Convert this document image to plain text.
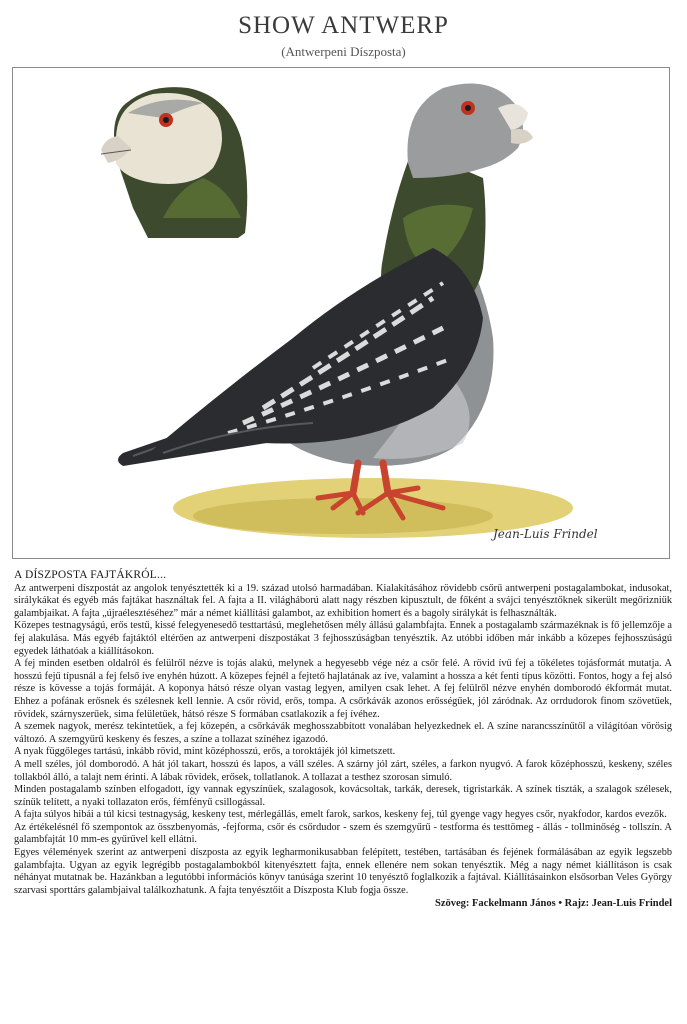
SHOW ANTWERP
(Antwerpeni Díszposta)
Jean-Luis Frindel
A DÍSZPOSTA FAJTÁKRÓL...

Az antwerpeni díszpostát az angolok tenyésztették ki a 19. század utolsó harmadában. Kialakításához rövidebb csőrű antwerpeni postagalambokat, indusokat, sirálykákat és egyéb más fajtákat használtak fel. A fajta a II. világháború alatt nagy részben kipusztult, de főként a svájci tenyésztőknek sikerült megőrizniük galambjaikat. A fajta „újraélesztéséhez” már a német kiállítási galambot, az exhibition homert és a bagoly sirálykát is felhasználták.

Közepes testnagyságú, erős testű, kissé felegyenesedő testtartású, meglehetősen mély állású galambfajta. Ennek a postagalamb származéknak is fő jellemzője a fej alakulása. Más egyéb fajtáktól eltérően az antwerpeni díszpostákat 3 fejhosszúságban tenyésztik. Az utóbbi időben már inkább a közepes fejhosszúságú egyedek láthatóak a kiállításokon.

A fej minden esetben oldalról és felülről nézve is tojás alakú, melynek a hegyesebb vége néz a csőr felé. A rövid ívű fej a tökéletes tojásformát mutatja. A hosszú fejű típusnál a fej felső íve enyhén húzott. A közepes fejnél a fejtető hajlatának az íve, valamint a hossza a két fenti típus közötti. Fontos, hogy a fej alsó része is kövesse a tojás formáját. A koponya hátsó része olyan vastag legyen, amilyen csak lehet. A fej felülről nézve enyhén domborodó ékformát mutat. Ehhez a pofának erősnek és szélesnek kell lennie. A csőr rövid, erős, tompa. A csőrkávák azonos erősségűek, jól záródnak. Az orrdudorok finom szövetűek, rövidek, szárnyszerűek, sima felületűek, hátsó része S formában csatlakozik a fej ívéhez.

A szemek nagyok, merész tekintetűek, a fej közepén, a csőrkávák meghosszabbított vonalában helyezkednek el. A színe narancsszínűtől a világítóan vörösig változó. A szemgyűrű keskeny és feszes, a színe a tollazat színéhez igazodó.

A nyak függőleges tartású, inkább rövid, mint középhosszú, erős, a toroktájék jól kimetszett.

A mell széles, jól domborodó. A hát jól takart, hosszú és lapos, a váll széles. A szárny jól zárt, széles, a farkon nyugvó. A farok középhosszú, keskeny, széles tollakból álló, a talajt nem érinti. A lábak rövidek, erősek, tollatlanok. A tollazat a testhez szorosan simuló.

Minden postagalamb színben elfogadott, így vannak egyszínűek, szalagosok, kovácsoltak, tarkák, deresek, tigristarkák. A színek tiszták, a szalagok szélesek, színük telített, a nyaki tollazaton erős, fémfényű csillogással.

A fajta súlyos hibái a túl kicsi testnagyság, keskeny test, mérlegállás, emelt farok, sarkos, keskeny fej, túl gyenge vagy hegyes csőr, nyakfodor, kardos evezők.

Az értékelésnél fő szempontok az összbenyomás, -fejforma, csőr és csőrdudor - szem és szemgyűrű - testforma és testtömeg - állás - tollminőség - tollszín. A galambfajtát 10 mm-es gyűrűvel kell ellátni.

Egyes vélemények szerint az antwerpeni díszposta az egyik legharmonikusabban felépített, testében, tartásában és fejének formálásában az egyik legszebb galambfajta. Ugyan az egyik legrégibb postagalambokból kitenyésztett fajta, ennek ellenére nem sokan tenyésztik. Még a nagy német kiállításon is csak néhányat mutatnak be. Hazánkban a legutóbbi információs könyv tanúsága szerint 10 tenyésztő foglalkozik a fajtával. Kiállításainkon elsősorban Veles György szarvasi sporttárs galambjaival találkozhatunk. A fajta tenyésztőit a Díszposta Klub fogja össze.

Szöveg: Fackelmann János • Rajz: Jean-Luis Frindel
